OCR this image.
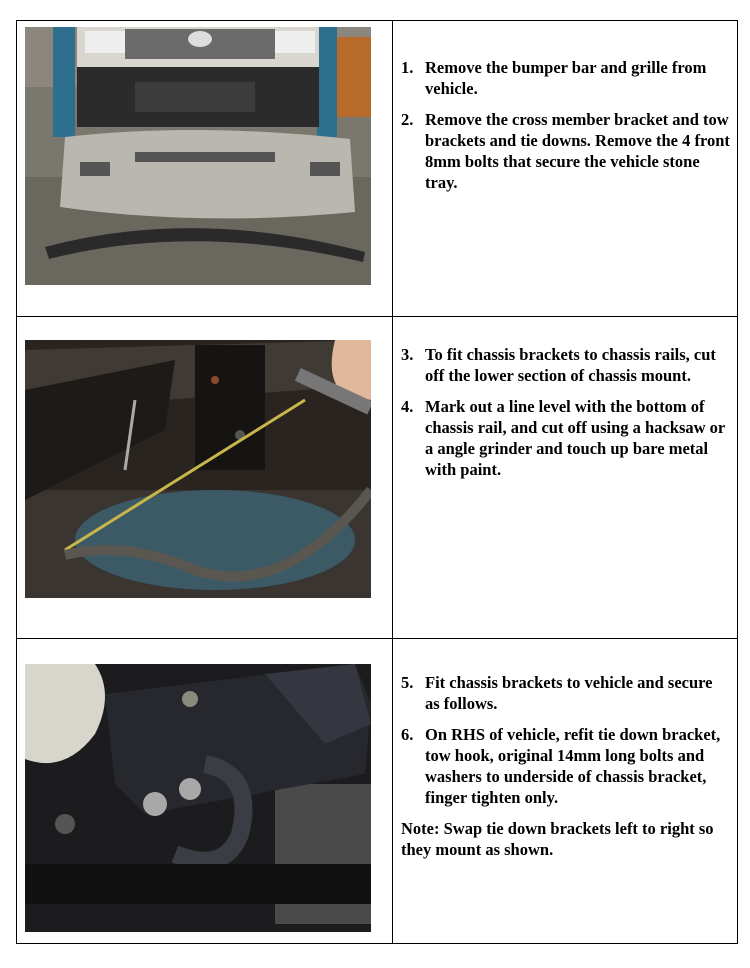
1. Remove the bumper bar and grille from vehicle.
2. Remove the cross member bracket and tow brackets and tie downs. Remove the 4 front 8mm bolts that secure the vehicle stone tray.
3. To fit chassis brackets to chassis rails, cut off the lower section of chassis mount.
4. Mark out a line level with the bottom of chassis rail, and cut off using a hacksaw or a angle grinder and touch up bare metal with paint.
5. Fit chassis brackets to vehicle and secure as follows.
6. On RHS of vehicle, refit tie down bracket, tow hook, original 14mm long bolts and washers to underside of chassis bracket, finger tighten only.

Note: Swap tie down brackets left to right so they mount as shown.
